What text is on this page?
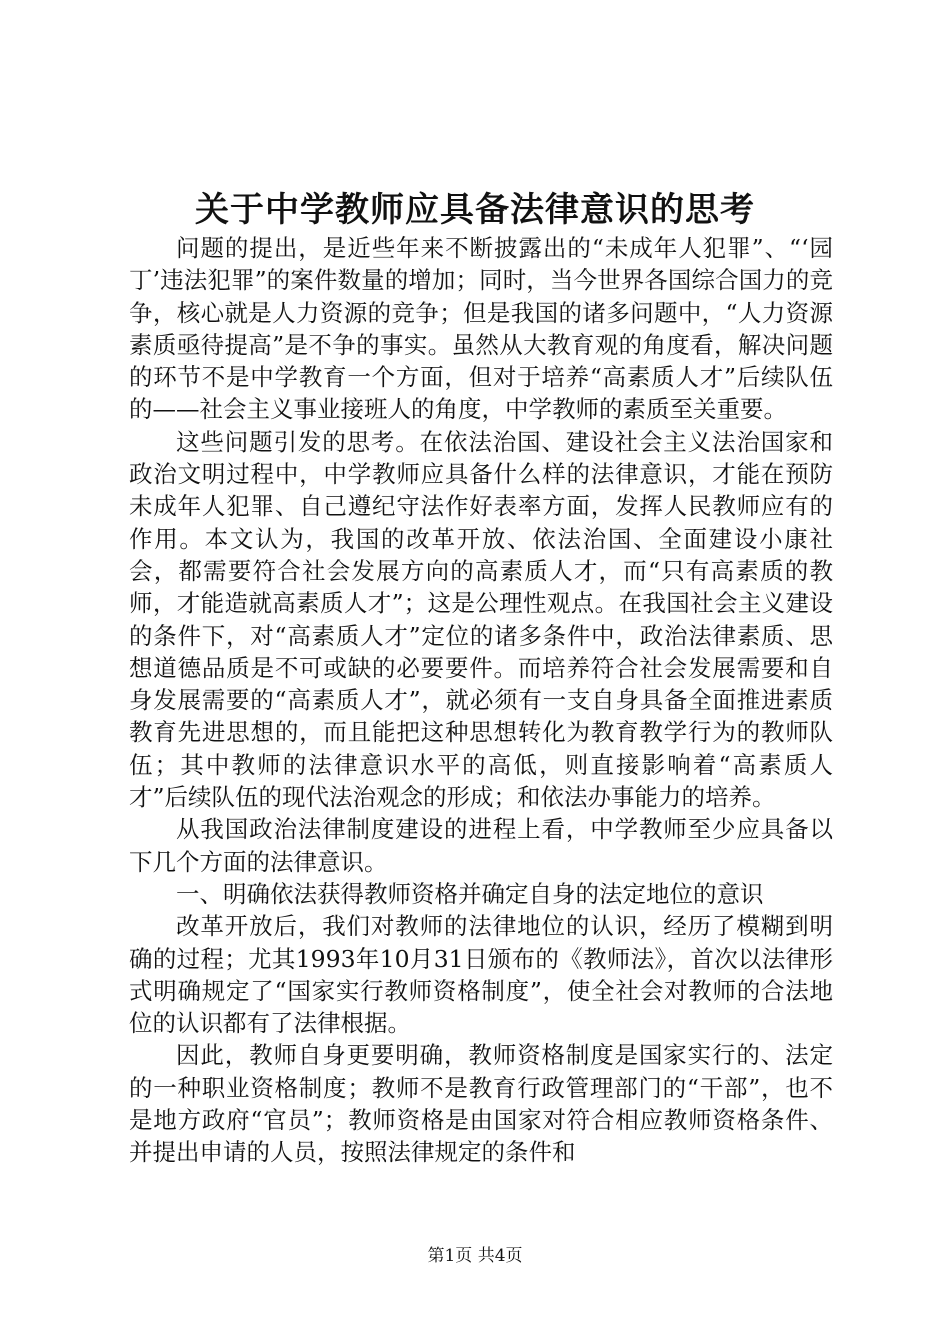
关于中学教师应具备法律意识的思考

问题的提出，是近些年来不断披露出的“未成年人犯罪”、“‘园丁’违法犯罪”的案件数量的增加；同时，当今世界各国综合国力的竞争，核心就是人力资源的竞争；但是我国的诸多问题中，“人力资源素质亟待提高”是不争的事实。虽然从大教育观的角度看，解决问题的环节不是中学教育一个方面，但对于培养“高素质人才”后续队伍的——社会主义事业接班人的角度，中学教师的素质至关重要。

这些问题引发的思考。在依法治国、建设社会主义法治国家和政治文明过程中，中学教师应具备什么样的法律意识，才能在预防未成年人犯罪、自己遵纪守法作好表率方面，发挥人民教师应有的作用。本文认为，我国的改革开放、依法治国、全面建设小康社会，都需要符合社会发展方向的高素质人才，而“只有高素质的教师，才能造就高素质人才”；这是公理性观点。在我国社会主义建设的条件下，对“高素质人才”定位的诸多条件中，政治法律素质、思想道德品质是不可或缺的必要要件。而培养符合社会发展需要和自身发展需要的“高素质人才”，就必须有一支自身具备全面推进素质教育先进思想的，而且能把这种思想转化为教育教学行为的教师队伍；其中教师的法律意识水平的高低，则直接影响着“高素质人才”后续队伍的现代法治观念的形成；和依法办事能力的培养。

从我国政治法律制度建设的进程上看，中学教师至少应具备以下几个方面的法律意识。

一、明确依法获得教师资格并确定自身的法定地位的意识

改革开放后，我们对教师的法律地位的认识，经历了模糊到明确的过程；尤其1993年10月31日颁布的《教师法》，首次以法律形式明确规定了“国家实行教师资格制度”，使全社会对教师的合法地位的认识都有了法律根据。

因此，教师自身更要明确，教师资格制度是国家实行的、法定的一种职业资格制度；教师不是教育行政管理部门的“干部”，也不是地方政府“官员”；教师资格是由国家对符合相应教师资格条件、并提出申请的人员，按照法律规定的条件和

第1页 共4页
